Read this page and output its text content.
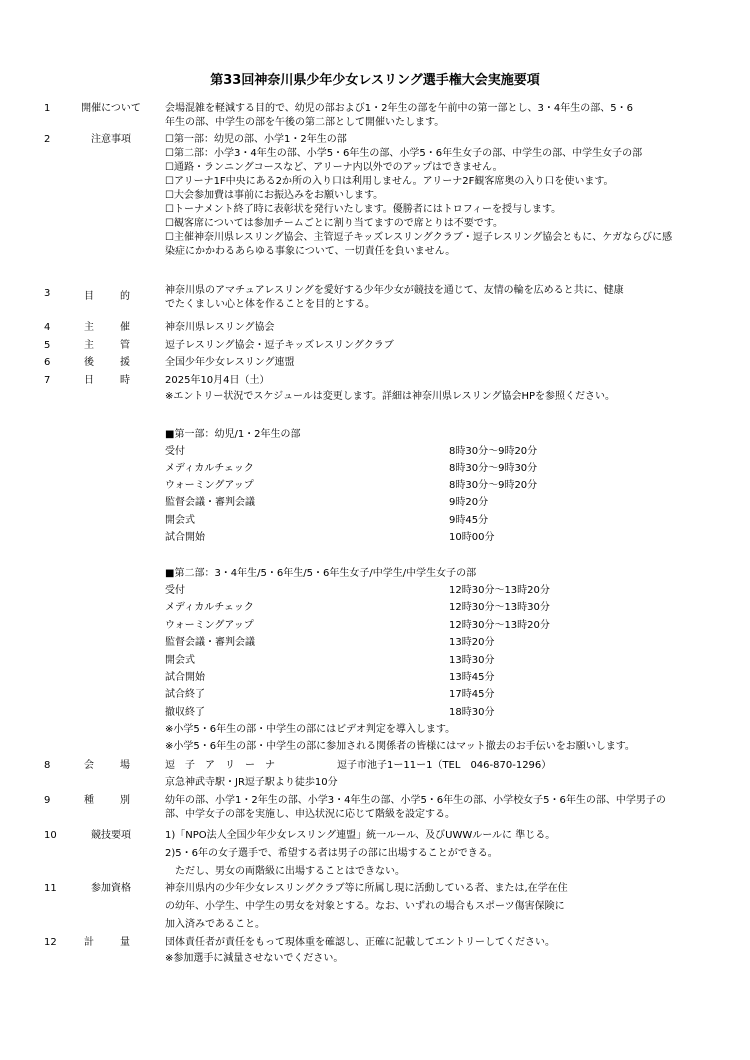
第33回神奈川県少年少女レスリング選手権大会実施要項
1	開催について	会場混雑を軽減する目的で、幼児の部および1・2年生の部を午前中の第一部とし、3・4年生の部、5・6
年生の部、中学生の部を午後の第二部として開催いたします。
2	注意事項	☐第一部：幼児の部、小学1・2年生の部
☐第二部：小学3・4年生の部、小学5・6年生の部、小学5・6年生女子の部、中学生の部、中学生女子の部
☐通路・ランニングコースなど、アリーナ内以外でのアップはできません。
☐アリーナ1F中央にある2か所の入り口は利用しません。アリーナ2F観客席奥の入り口を使います。
☐大会参加費は事前にお振込みをお願いします。
☐トーナメント終了時に表彰状を発行いたします。優勝者にはトロフィーを授与します。
☐観客席については参加チームごとに割り当てますので席とりは不要です。
☐主催神奈川県レスリング協会、主管逗子キッズレスリングクラブ・逗子レスリング協会ともに、ケガならびに感
染症にかかわるあらゆる事象について、一切責任を負いません。
3	目　的
神奈川県のアマチュアレスリングを愛好する少年少女が競技を通じて、友情の輪を広めると共に、健康
でたくましい心と体を作ることを目的とする。
4	主　催	神奈川県レスリング協会
5	主　管	逗子レスリング協会・逗子キッズレスリングクラブ
6	後　援	全国少年少女レスリング連盟
7	日　時	2025年10月4日（土）
※エントリー状況でスケジュールは変更します。詳細は神奈川県レスリング協会HPを参照ください。
■第一部：幼児/1・2年生の部
受付	8時30分～9時20分
メディカルチェック	8時30分～9時30分
ウォーミングアップ	8時30分～9時20分
監督会議・審判会議	9時20分
開会式	9時45分
試合開始	10時00分
■第二部：3・4年生/5・6年生/5・6年生女子/中学生/中学生女子の部
受付	12時30分～13時20分
メディカルチェック	12時30分～13時30分
ウォーミングアップ	12時30分～13時20分
監督会議・審判会議	13時20分
開会式	13時30分
試合開始	13時45分
試合終了	17時45分
撤収終了	18時30分
※小学5・6年生の部・中学生の部にはビデオ判定を導入します。
※小学5・6年生の部・中学生の部に参加される関係者の皆様にはマット撤去のお手伝いをお願いします。
8	会　場	逗　子　ア　リ　ー　ナ	逗子市池子1ー11ー1（TEL　046-870-1296）
京急神武寺駅・JR逗子駅より徒歩10分
9	種　別	幼年の部、小学1・2年生の部、小学3・4年生の部、小学5・6年生の部、小学校女子5・6年生の部、中学男子の
部、中学女子の部を実施し、申込状況に応じて階級を設定する。
10	競技要項	1)「NPO法人全国少年少女レスリング連盟」統一ルール、及びUWWルールに 準じる。
2)5・6年の女子選手で、希望する者は男子の部に出場することができる。
　ただし、男女の両階級に出場することはできない。
11	参加資格	神奈川県内の少年少女レスリングクラブ等に所属し現に活動している者、または,在学在住
の幼年、小学生、中学生の男女を対象とする。なお、いずれの場合もスポーツ傷害保険に
加入済みであること。
12	計　量	団体責任者が責任をもって現体重を確認し、正確に記載してエントリーしてください。
※参加選手に減量させないでください。
